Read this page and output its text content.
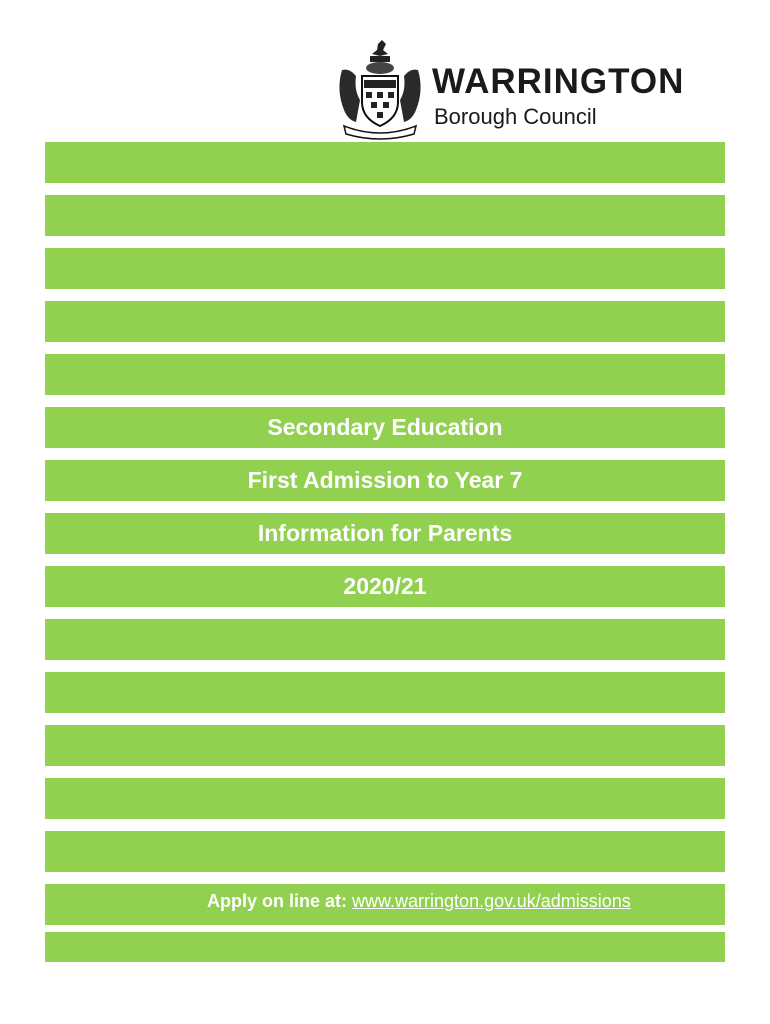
WARRINGTON
Borough Council
Secondary Education
First Admission to Year 7
Information for Parents
2020/21
Apply on line at: www.warrington.gov.uk/admissions
